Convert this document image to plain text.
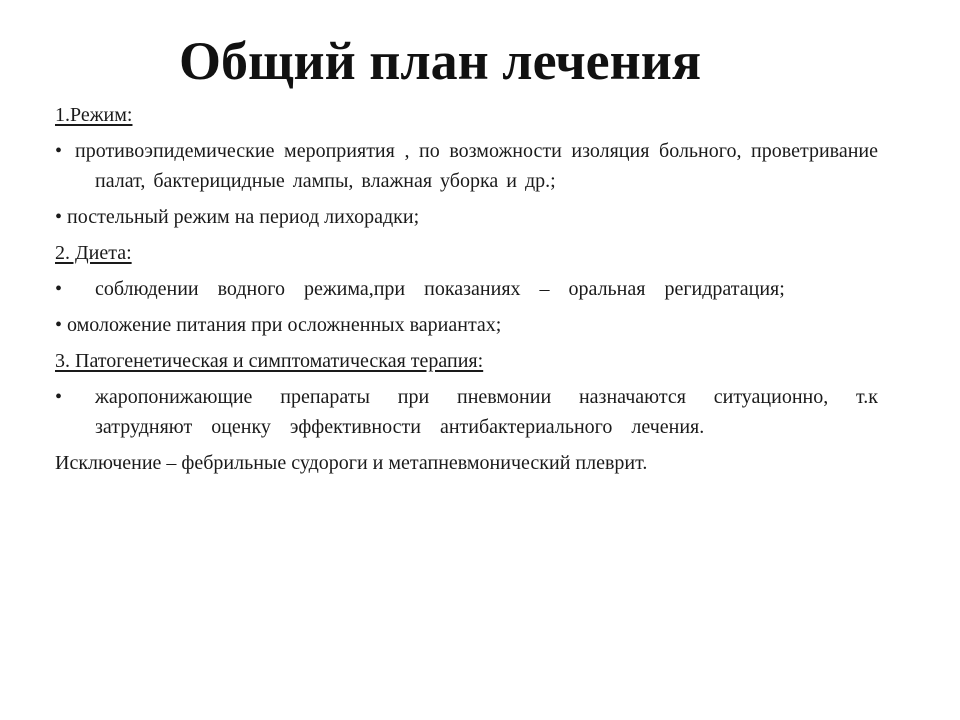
Общий план лечения

1.Режим:

• противоэпидемические мероприятия , по возможности изоляция больного, проветривание палат, бактерицидные лампы, влажная уборка и др.;
• постельный режим на период лихорадки;

2. Диета:

•	соблюдении водного режима,при показаниях – оральная регидратация;
• омоложение питания при осложненных вариантах;

3. Патогенетическая и симптоматическая терапия:

•	жаропонижающие препараты при пневмонии назначаются ситуационно, т.к затрудняют оценку эффективности антибактериального лечения.

Исключение – фебрильные судороги и метапневмонический плеврит.
